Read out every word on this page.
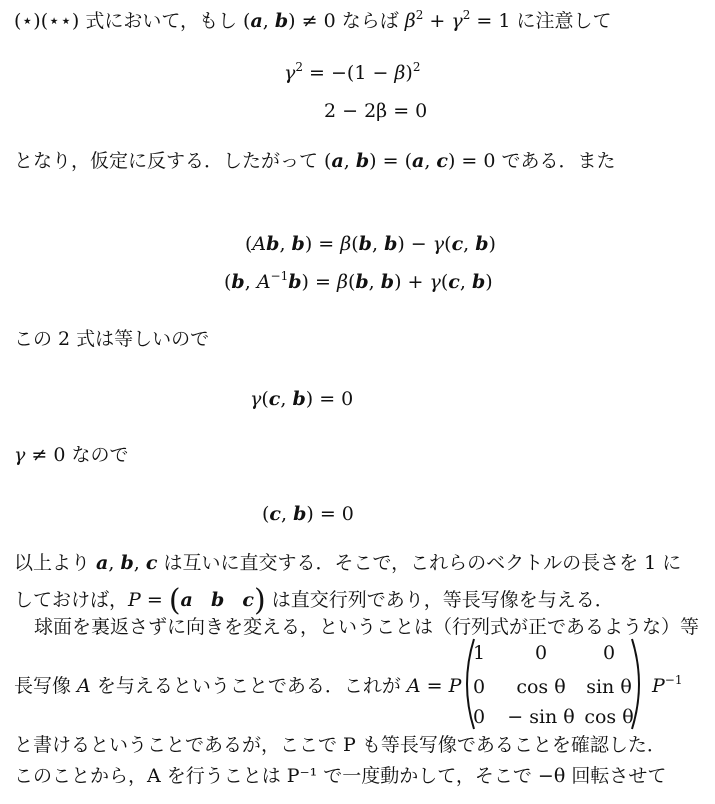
(⋆)(⋆⋆) 式において，もし (a, b) ≠ 0 ならば $\beta^2 + \gamma^2 = 1$ に注意して
$\gamma^2 = -(1 - \beta)^2$
2 − 2β = 0
となり，仮定に反する．したがって (a, b) = (a, c) = 0 である．また
(Ab, b) = β(b, b) − γ(c, b)
(b, $A^{-1}b) = \beta(b$, b) + γ(c, b)
この 2 式は等しいので
γ(c, b) = 0
γ ≠ 0 なので
(c, b) = 0
以上より a, b, c は互いに直交する．そこで，これらのベクトルの長さを 1 に
しておけば，P = (a b c) は直交行列であり，等長写像を与える．
球面を裏返さずに向きを変える，ということは（行列式が正であるような）等
長写像 A を与えるということである．これが A = P
1	0	0
0	cos θ	sin θ
0	− sin θ cos θ
$P^{-1}$
と書けるということであるが，ここで P も等長写像であることを確認した．
このことから，A を行うことは P⁻¹ で一度動かして，そこで −θ 回転させて
